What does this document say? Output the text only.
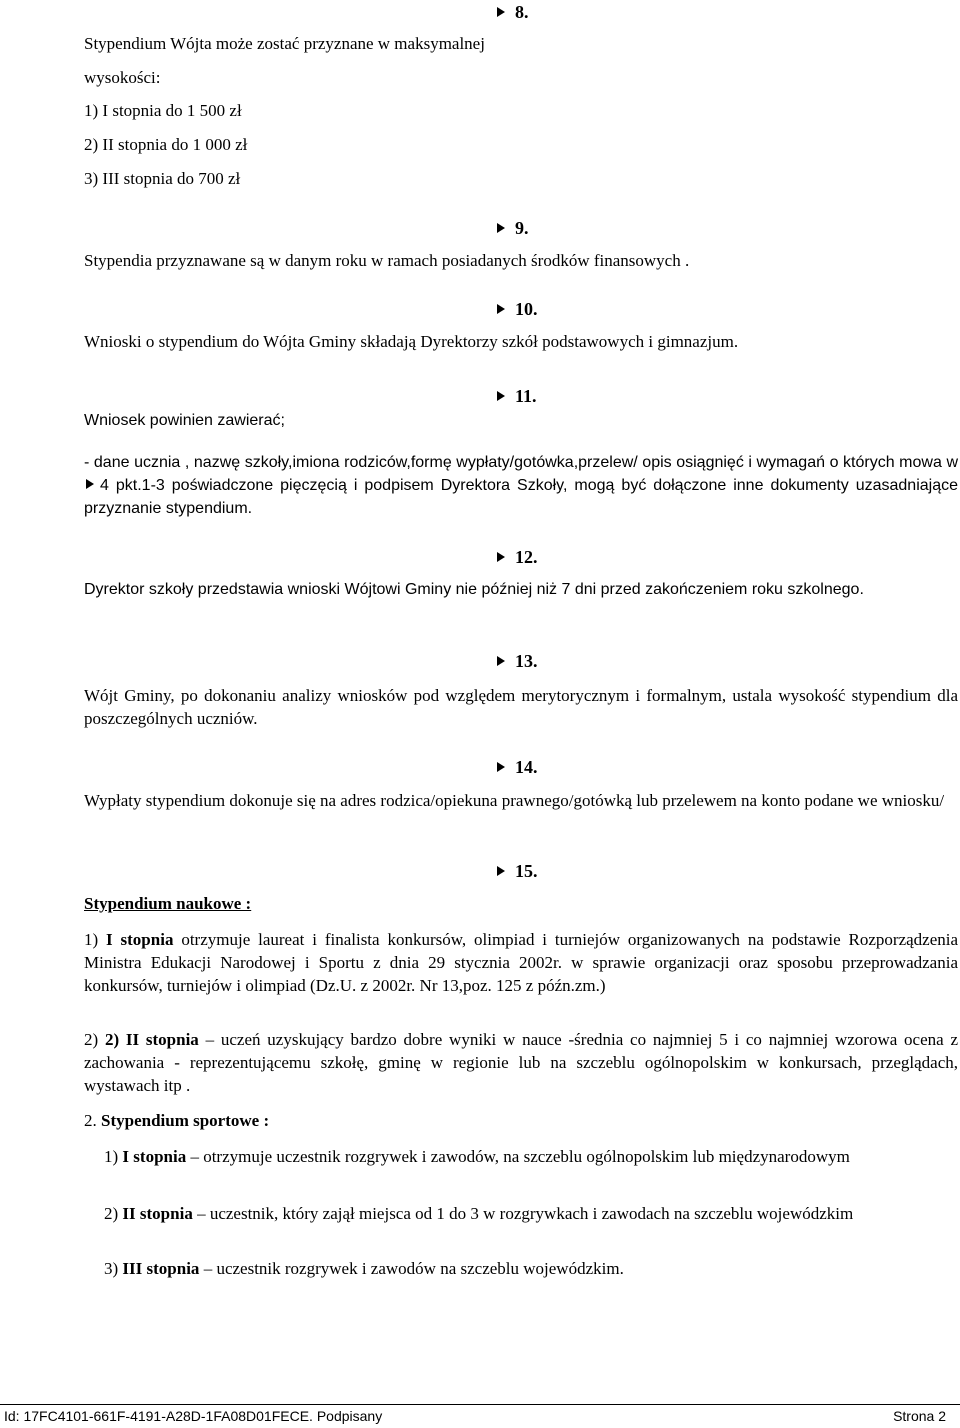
8.
Stypendium Wójta może zostać przyznane w maksymalnej
wysokości:
1) I stopnia do 1 500 zł
2) II stopnia do 1 000 zł
3) III stopnia do 700 zł
9.
Stypendia przyznawane są w danym roku w ramach posiadanych środków finansowych .
10.
Wnioski o stypendium do Wójta Gminy składają Dyrektorzy szkół podstawowych i gimnazjum.
11.
Wniosek powinien zawierać;
- dane ucznia , nazwę szkoły,imiona rodziców,formę wypłaty/gotówka,przelew/ opis osiągnięć i wymagań o których mowa w 4 pkt.1-3 poświadczone pięczęcią i podpisem Dyrektora Szkoły, mogą być dołączone inne dokumenty uzasadniające przyznanie stypendium.
12.
Dyrektor szkoły przedstawia wnioski Wójtowi Gminy nie później niż 7 dni przed zakończeniem roku szkolnego.
13.
Wójt Gminy, po dokonaniu analizy wniosków pod względem merytorycznym i formalnym, ustala wysokość stypendium dla poszczególnych uczniów.
14.
Wypłaty stypendium dokonuje się na adres rodzica/opiekuna prawnego/gotówką lub przelewem na konto podane we wniosku/
15.
Stypendium naukowe :
1) I stopnia otrzymuje laureat i finalista konkursów, olimpiad i turniejów organizowanych na podstawie Rozporządzenia Ministra Edukacji Narodowej i Sportu z dnia 29 stycznia 2002r. w sprawie organizacji oraz sposobu przeprowadzania konkursów, turniejów i olimpiad (Dz.U. z 2002r. Nr 13,poz. 125 z późn.zm.)
2) 2) II stopnia – uczeń uzyskujący bardzo dobre wyniki w nauce -średnia co najmniej 5 i co najmniej wzorowa ocena z zachowania - reprezentującemu szkołę, gminę w regionie lub na szczeblu ogólnopolskim w konkursach, przeglądach, wystawach itp .
2. Stypendium sportowe :
1) I stopnia – otrzymuje uczestnik rozgrywek i zawodów, na szczeblu ogólnopolskim lub międzynarodowym
2) II stopnia – uczestnik, który zajął miejsca od 1 do 3 w rozgrywkach i zawodach na szczeblu wojewódzkim
3) III stopnia – uczestnik rozgrywek i zawodów na szczeblu wojewódzkim.
Id: 17FC4101-661F-4191-A28D-1FA08D01FECE. Podpisany	Strona 2
